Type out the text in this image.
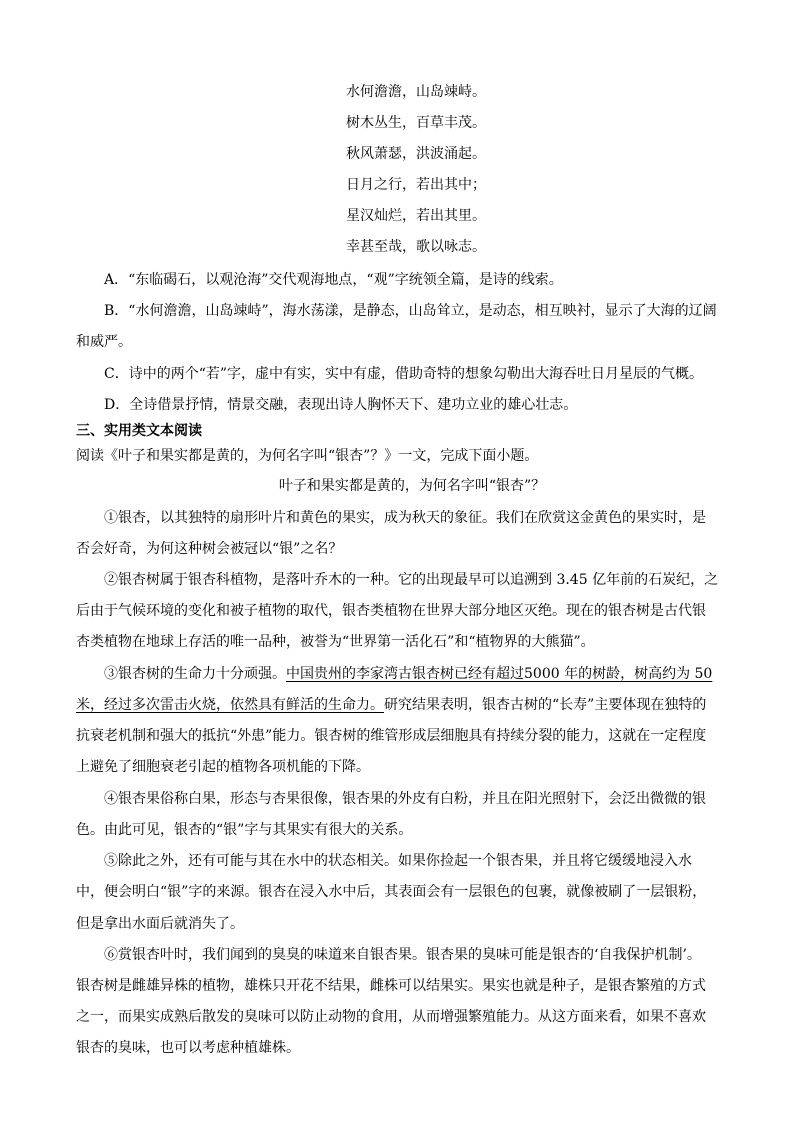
水何澹澹，山岛竦峙。
树木丛生，百草丰茂。
秋风萧瑟，洪波涌起。
日月之行，若出其中；
星汉灿烂，若出其里。
幸甚至哉，歌以咏志。
A．“东临碣石，以观沧海”交代观海地点，“观”字统领全篇，是诗的线索。
B．“水何澹澹，山岛竦峙”，海水荡漾，是静态，山岛耸立，是动态，相互映衬，显示了大海的辽阔
和威严。
C．诗中的两个“若”字，虚中有实，实中有虚，借助奇特的想象勾勒出大海吞吐日月星辰的气概。
D．全诗借景抒情，情景交融，表现出诗人胸怀天下、建功立业的雄心壮志。
三、实用类文本阅读
阅读《叶子和果实都是黄的，为何名字叫“银杏”？》一文，完成下面小题。
叶子和果实都是黄的，为何名字叫“银杏”？
①银杏，以其独特的扇形叶片和黄色的果实，成为秋天的象征。我们在欣赏这金黄色的果实时，是
否会好奇，为何这种树会被冠以“银”之名？
②银杏树属于银杏科植物，是落叶乔木的一种。它的出现最早可以追溯到 3.45 亿年前的石炭纪，之
后由于气候环境的变化和被子植物的取代，银杏类植物在世界大部分地区灭绝。现在的银杏树是古代银
杏类植物在地球上存活的唯一品种，被誉为“世界第一活化石”和“植物界的大熊猫”。
③银杏树的生命力十分顽强。中国贵州的李家湾古银杏树已经有超过5000 年的树龄，树高约为 50
米，经过多次雷击火烧，依然具有鲜活的生命力。研究结果表明，银杏古树的“长寿”主要体现在独特的
抗衰老机制和强大的抵抗“外患”能力。银杏树的维管形成层细胞具有持续分裂的能力，这就在一定程度
上避免了细胞衰老引起的植物各项机能的下降。
④银杏果俗称白果，形态与杏果很像，银杏果的外皮有白粉，并且在阳光照射下，会泛出微微的银
色。由此可见，银杏的“银”字与其果实有很大的关系。
⑤除此之外，还有可能与其在水中的状态相关。如果你捡起一个银杏果，并且将它缓缓地浸入水
中，便会明白“银”字的来源。银杏在浸入水中后，其表面会有一层银色的包裹，就像被刷了一层银粉，
但是拿出水面后就消失了。
⑥赏银杏叶时，我们闻到的臭臭的味道来自银杏果。银杏果的臭味可能是银杏的‘自我保护机制’。
银杏树是雌雄异株的植物，雄株只开花不结果，雌株可以结果实。果实也就是种子，是银杏繁殖的方式
之一，而果实成熟后散发的臭味可以防止动物的食用，从而增强繁殖能力。从这方面来看，如果不喜欢
银杏的臭味，也可以考虑种植雄株。
